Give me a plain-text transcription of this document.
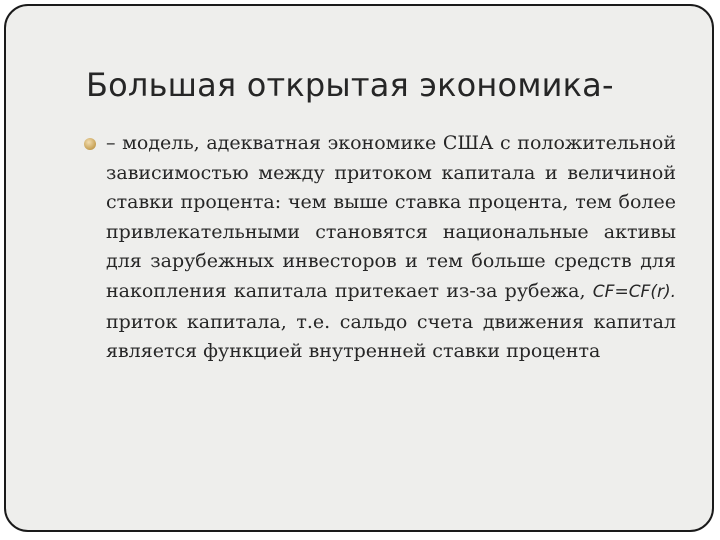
Большая открытая экономика-

– модель, адекватная экономике США с положительной зависимостью между притоком капитала и величиной ставки процента: чем выше ставка процента, тем более привлекательными становятся национальные активы для зарубежных инвесторов и тем больше средств для накопления капитала притекает из-за рубежа, CF=CF(r). приток капитала, т.е. сальдо счета движения капитал является функцией внутренней ставки процента
